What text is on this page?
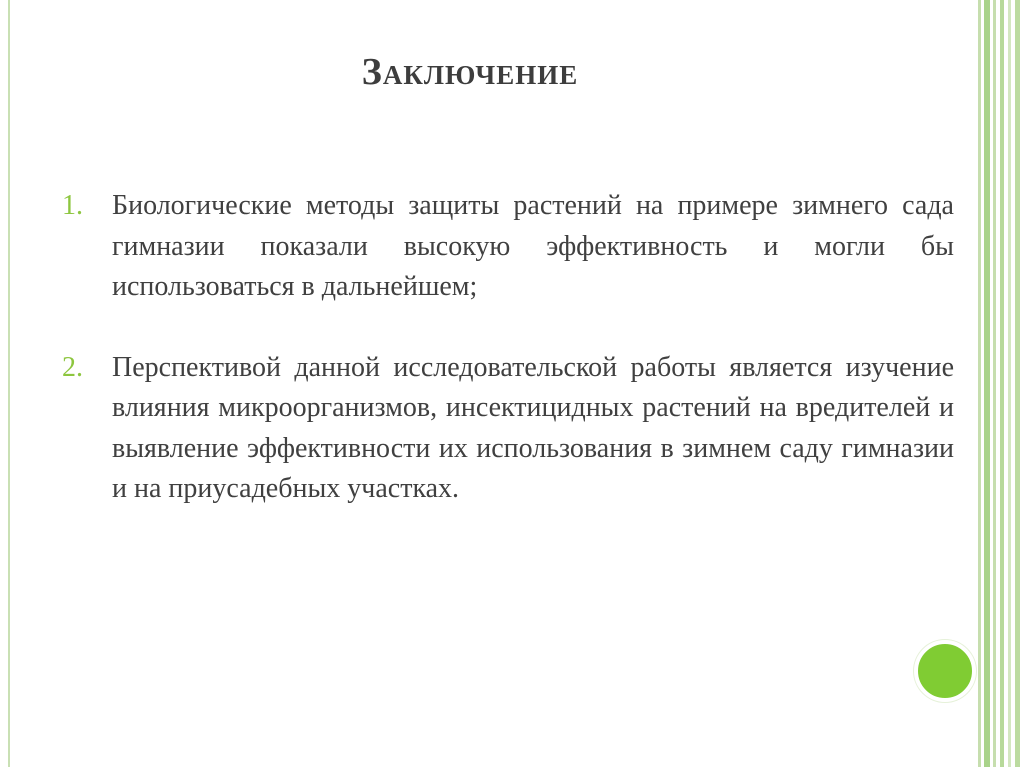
Заключение
1.	Биологические методы защиты растений на примере зимнего сада гимназии показали высокую эффективность и могли бы использоваться в дальнейшем;
2.	Перспективой данной исследовательской работы является изучение влияния микроорганизмов, инсектицидных растений на вредителей и выявление эффективности их использования в зимнем саду гимназии и на приусадебных участках.
